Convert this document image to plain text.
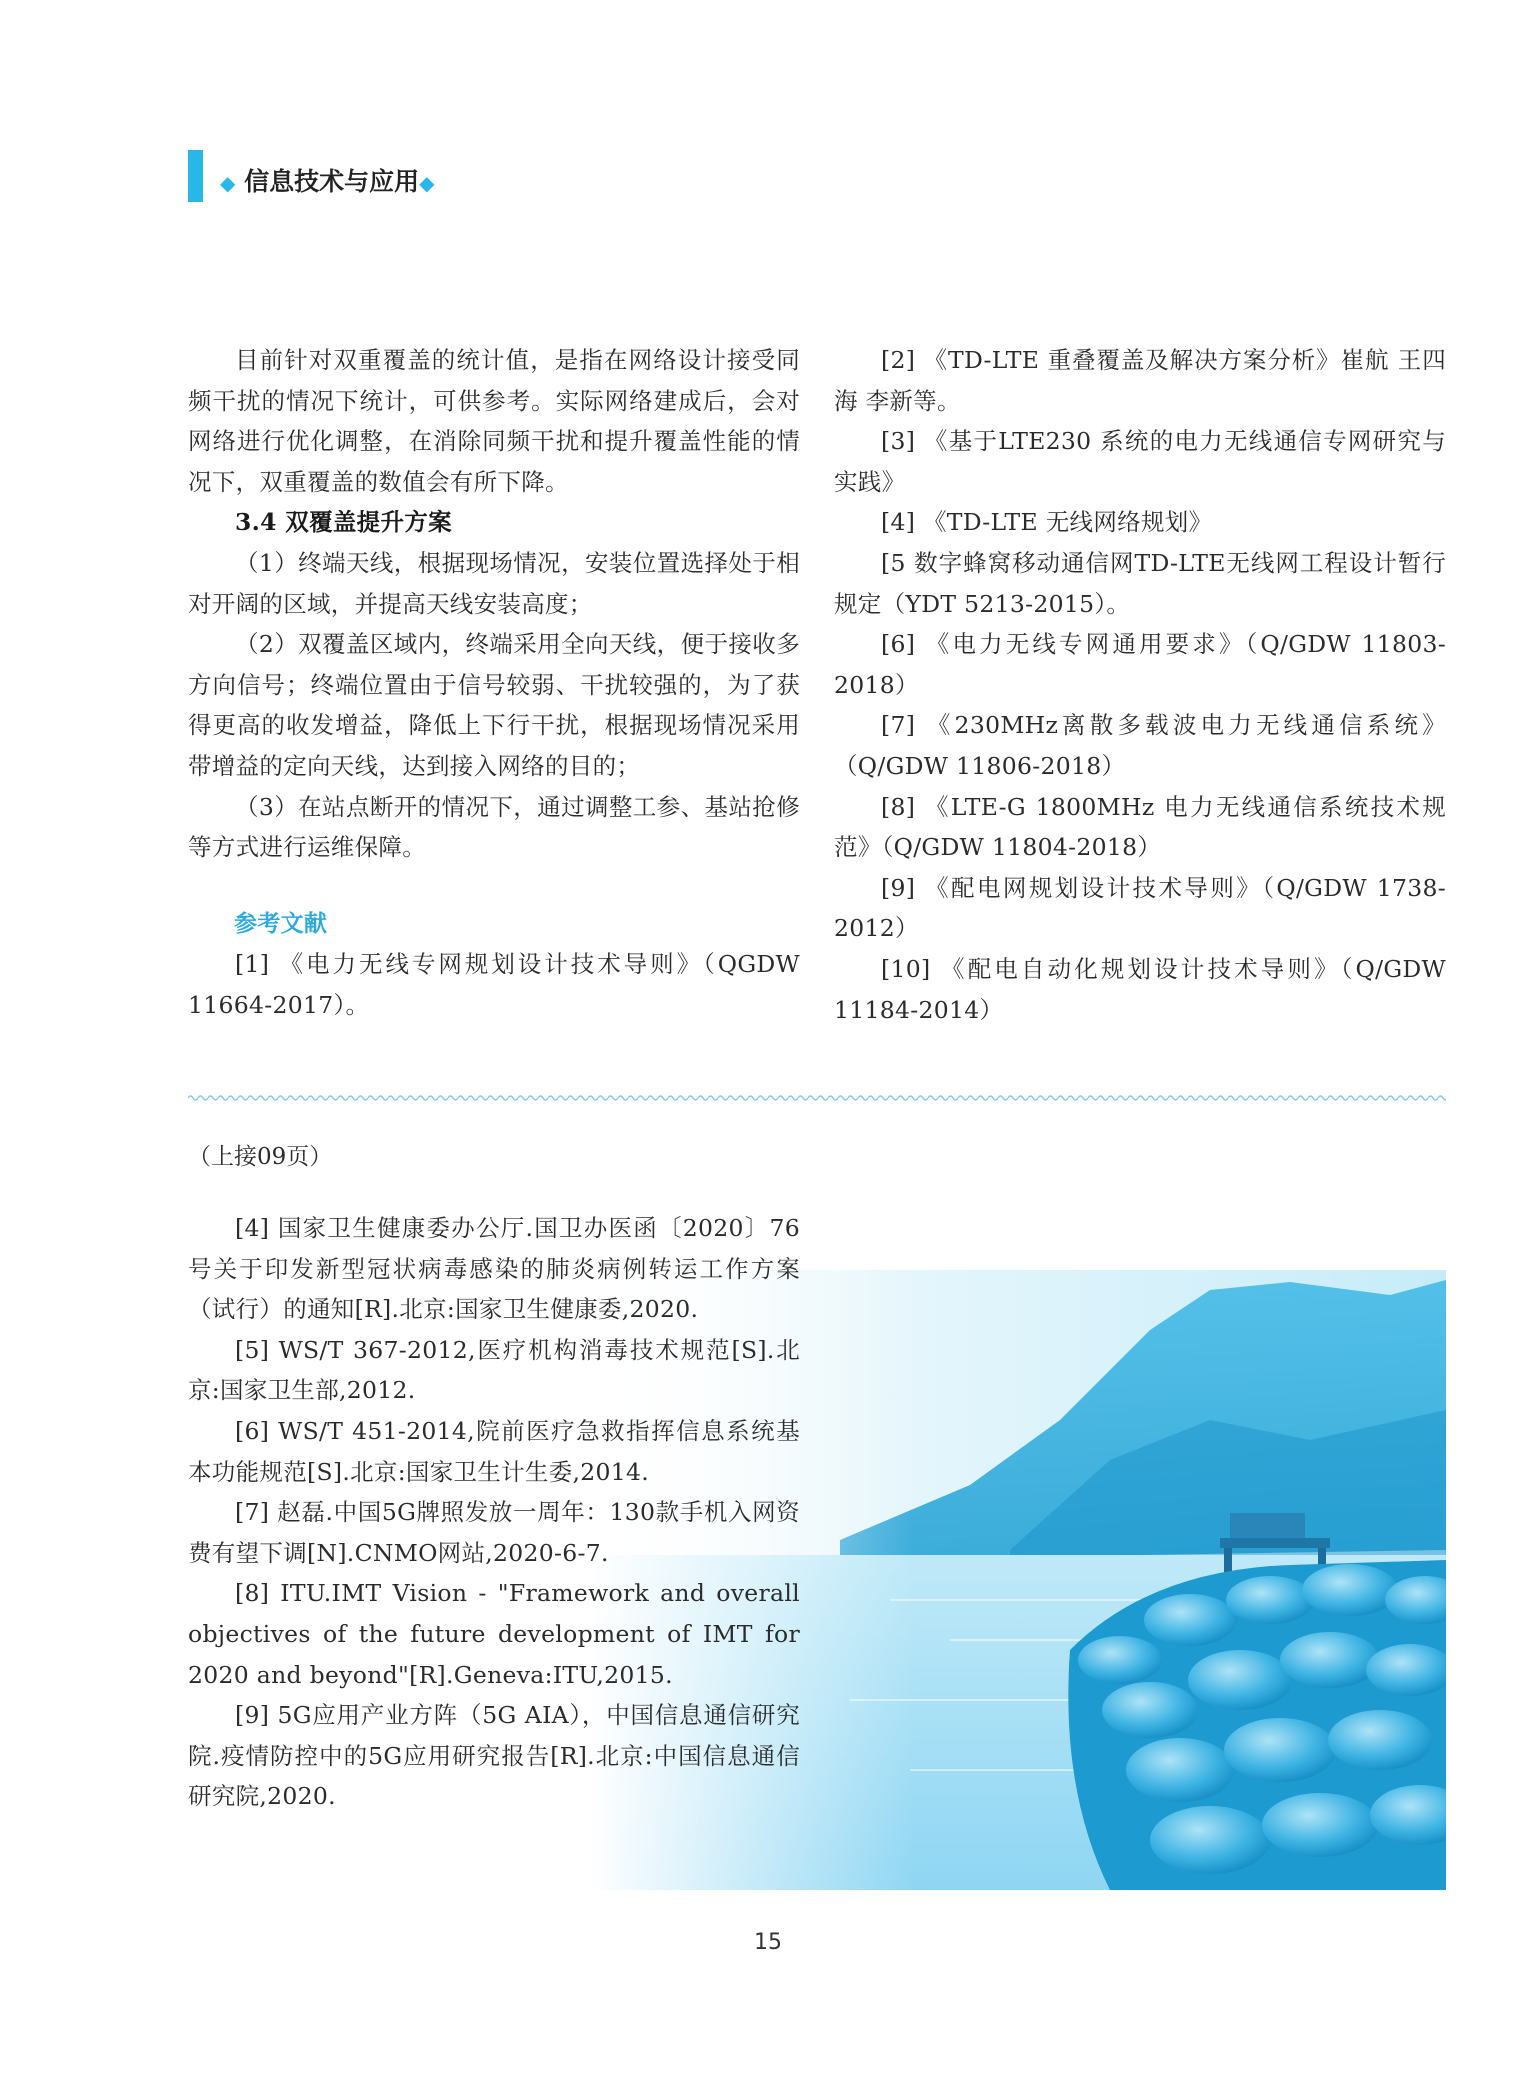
◆ 信息技术与应用◆

目前针对双重覆盖的统计值，是指在网络设计接受同频干扰的情况下统计，可供参考。实际网络建成后，会对网络进行优化调整，在消除同频干扰和提升覆盖性能的情况下，双重覆盖的数值会有所下降。

3.4 双覆盖提升方案

（1）终端天线，根据现场情况，安装位置选择处于相对开阔的区域，并提高天线安装高度；

（2）双覆盖区域内，终端采用全向天线，便于接收多方向信号；终端位置由于信号较弱、干扰较强的，为了获得更高的收发增益，降低上下行干扰，根据现场情况采用带增益的定向天线，达到接入网络的目的；

（3）在站点断开的情况下，通过调整工参、基站抢修等方式进行运维保障。

参考文献

[1] 《电力无线专网规划设计技术导则》（QGDW 11664-2017）。

[2] 《TD-LTE 重叠覆盖及解决方案分析》崔航 王四海 李新等。

[3] 《基于LTE230 系统的电力无线通信专网研究与实践》

[4] 《TD-LTE 无线网络规划》

[5 数字蜂窝移动通信网TD-LTE无线网工程设计暂行规定（YDT 5213-2015）。

[6] 《电力无线专网通用要求》（Q/GDW 11803-2018）

[7] 《230MHz离散多载波电力无线通信系统》（Q/GDW 11806-2018）

[8] 《LTE-G 1800MHz 电力无线通信系统技术规范》（Q/GDW 11804-2018）

[9] 《配电网规划设计技术导则》（Q/GDW 1738-2012）

[10] 《配电自动化规划设计技术导则》（Q/GDW 11184-2014）

（上接09页）

[4] 国家卫生健康委办公厅.国卫办医函〔2020〕76号关于印发新型冠状病毒感染的肺炎病例转运工作方案（试行）的通知[R].北京:国家卫生健康委,2020.

[5] WS/T 367-2012,医疗机构消毒技术规范[S].北京:国家卫生部,2012.

[6] WS/T 451-2014,院前医疗急救指挥信息系统基本功能规范[S].北京:国家卫生计生委,2014.

[7] 赵磊.中国5G牌照发放一周年：130款手机入网资费有望下调[N].CNMO网站,2020-6-7.

[8] ITU.IMT Vision - "Framework and overall objectives of the future development of IMT for 2020 and beyond"[R].Geneva:ITU,2015.

[9] 5G应用产业方阵（5G AIA），中国信息通信研究院.疫情防控中的5G应用研究报告[R].北京:中国信息通信研究院,2020.

15
